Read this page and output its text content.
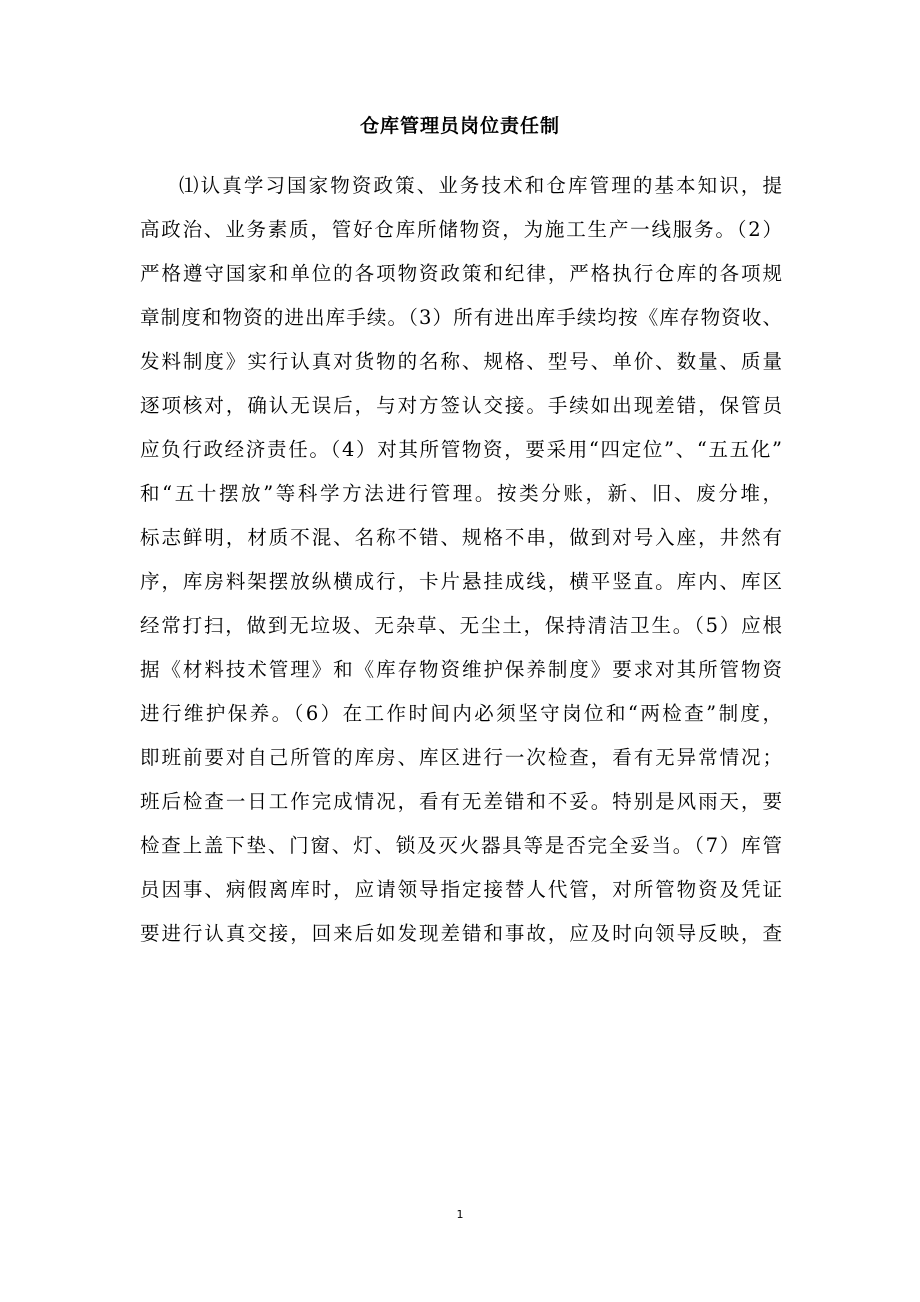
仓库管理员岗位责任制
⑴认真学习国家物资政策、业务技术和仓库管理的基本知识，提
高政治、业务素质，管好仓库所储物资，为施工生产一线服务。（2）
严格遵守国家和单位的各项物资政策和纪律，严格执行仓库的各项规
章制度和物资的进出库手续。（3）所有进出库手续均按《库存物资收、
发料制度》实行认真对货物的名称、规格、型号、单价、数量、质量
逐项核对，确认无误后，与对方签认交接。手续如出现差错，保管员
应负行政经济责任。（4）对其所管物资，要采用“四定位”、“五五化”
和“五十摆放”等科学方法进行管理。按类分账，新、旧、废分堆，
标志鲜明，材质不混、名称不错、规格不串，做到对号入座，井然有
序，库房料架摆放纵横成行，卡片悬挂成线，横平竖直。库内、库区
经常打扫，做到无垃圾、无杂草、无尘土，保持清洁卫生。（5）应根
据《材料技术管理》和《库存物资维护保养制度》要求对其所管物资
进行维护保养。（6）在工作时间内必须坚守岗位和“两检查”制度，
即班前要对自己所管的库房、库区进行一次检查，看有无异常情况；
班后检查一日工作完成情况，看有无差错和不妥。特别是风雨天，要
检查上盖下垫、门窗、灯、锁及灭火器具等是否完全妥当。（7）库管
员因事、病假离库时，应请领导指定接替人代管，对所管物资及凭证
要进行认真交接，回来后如发现差错和事故，应及时向领导反映，查
1
